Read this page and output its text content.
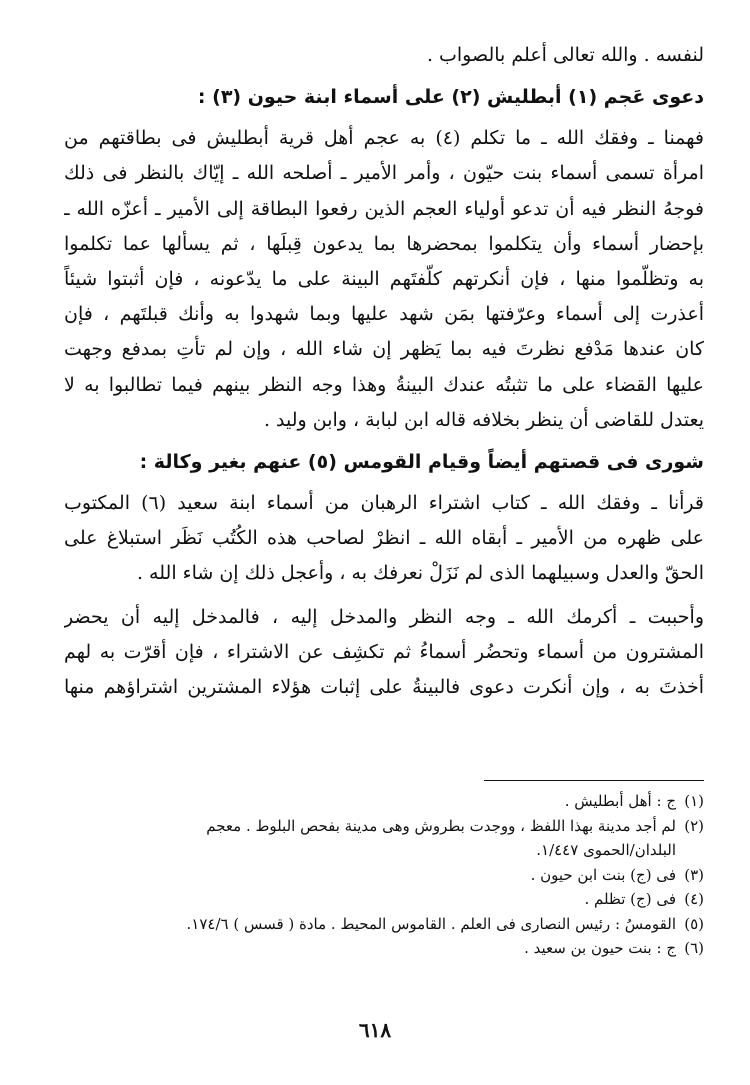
لنفسه . والله تعالى أعلم بالصواب .
دعوى عَجم (١) أبطليش (٢) على أسماء ابنة حيون (٣) :
فهمنا ـ وفقك الله ـ ما تكلم (٤) به عجم أهل قرية أبطليش فى بطاقتهم من
امرأة تسمى أسماء بنت حيّون ، وأمر الأمير ـ أصلحه الله ـ إيّاك بالنظر فى ذلك
فوجهُ النظر فيه أن تدعو أولياء العجم الذين رفعوا البطاقة إلى الأمير ـ أعزّه الله ـ
بإحضار أسماء وأن يتكلموا بمحضرها بما يدعون قِبلَها ، ثم يسألها عما تكلموا
به وتظلّموا منها ، فإن أنكرتهم كلّفتَهم البينة على ما يدّعونه ، فإن أثبتوا شيئاً
أعذرت إلى أسماء وعرّفتها بمَن شهد عليها وبما شهدوا به وأنك قبلتَهم ، فإن
كان عندها مَدْفع نظرتَ فيه بما يَظهر إن شاء الله ، وإن لم تأتِ بمدفع وجهت
عليها القضاء على ما تثبتُه عندك البينةُ وهذا وجه النظر بينهم فيما تطالبوا به لا
يعتدل للقاضى أن ينظر بخلافه قاله ابن لبابة ، وابن وليد .
شورى فى قصتهم أيضاً وقيام القومس (٥) عنهم بغير وكالة :
قرأنا ـ وفقك الله ـ كتاب اشتراء الرهبان من أسماء ابنة سعيد (٦) المكتوب
على ظهره من الأمير ـ أبقاه الله ـ انظرْ لصاحب هذه الكُتُب نَظَر استبلاغ على
الحقّ والعدل وسبيلهما الذى لم نَزَلْ نعرفك به ، وأعجل ذلك إن شاء الله .
وأحببت ـ أكرمك الله ـ وجه النظر والمدخل إليه ، فالمدخل إليه أن يحضر
المشترون من أسماء وتحضُر أسماءُ ثم تكشِف عن الاشتراء ، فإن أقرّت به لهم
أخذتَ به ، وإن أنكرت دعوى فالبينةُ على إثبات هؤلاء المشترين اشتراؤهم منها
(١)ج : أهل أبطليش .
(٢)لم أجد مدينة بهذا اللفظ ، ووجدت بطروش وهى مدينة بفحص البلوط . معجم
البلدان/الحموى ١/٤٤٧.
(٣)فى (ج) بنت ابن حيون .
(٤)فى (ج) تظلم .
(٥)القومسُ : رئيس النصارى فى العلم . القاموس المحيط . مادة ( قسس ) ١٧٤/٦.
(٦)ج : بنت حيون بن سعيد .
٦١٨
